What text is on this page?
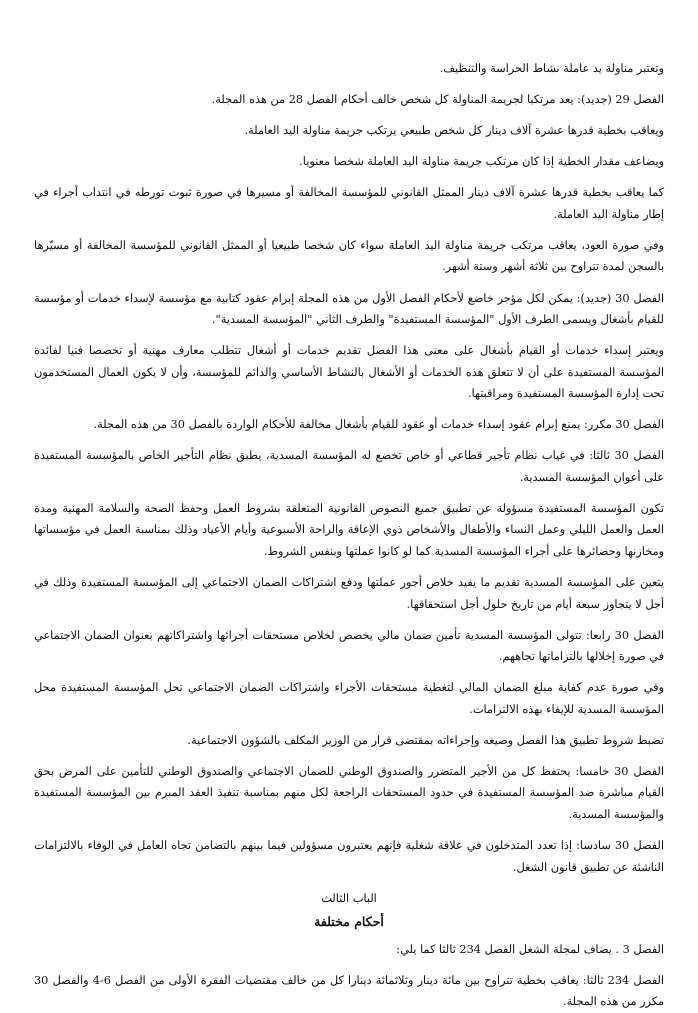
وتعتبر مناولة يد عاملة نشاط الحراسة والتنظيف.

الفصل 29 (جديد): يعد مرتكبا لجريمة المناولة كل شخص خالف أحكام الفصل 28 من هذه المجلة.

ويعاقب بخطية قدرها عشرة آلاف دينار كل شخص طبيعي يرتكب جريمة مناولة اليد العاملة.

ويضاعف مقدار الخطية إذا كان مرتكب جريمة مناولة اليد العاملة شخصا معنويا.

كما يعاقب بخطية قدرها عشرة آلاف دينار الممثل القانوني للمؤسسة المخالفة أو مسيرها في صورة ثبوت تورطه في انتداب أجراء في إطار مناولة اليد العاملة.

وفي صورة العود، يعاقب مرتكب جريمة مناولة اليد العاملة سواء كان شخصا طبيعيا أو الممثل القانوني للمؤسسة المخالفة أو مسيّرها بالسجن لمدة تتراوح بين ثلاثة أشهر وستة أشهر.

الفصل 30 (جديد): يمكن لكل مؤجر خاضع لأحكام الفصل الأول من هذه المجلة إبرام عقود كتابية مع مؤسسة لإسداء خدمات أو مؤسسة للقيام بأشغال ويسمى الطرف الأول "المؤسسة المستفيدة" والطرف الثاني "المؤسسة المسدية".

ويعتبر إسداء خدمات أو القيام بأشغال على معنى هذا الفصل تقديم خدمات أو أشغال تتطلب معارف مهنية أو تخصصا فنيا لفائدة المؤسسة المستفيدة على أن لا تتعلق هذه الخدمات أو الأشغال بالنشاط الأساسي والدائم للمؤسسة، وأن لا يكون العمال المستخدمون تحت إدارة المؤسسة المستفيدة ومراقبتها.

الفصل 30 مكرر: يمنع إبرام عقود إسداء خدمات أو عقود للقيام بأشغال مخالفة للأحكام الواردة بالفصل 30 من هذه المجلة.

الفصل 30 ثالثا: في غياب نظام تأجير قطاعي أو خاص تخضع له المؤسسة المسدية، يطبق نظام التأجير الخاص بالمؤسسة المستفيدة على أعوان المؤسسة المسدية.

تكون المؤسسة المستفيدة مسؤولة عن تطبيق جميع النصوص القانونية المتعلقة بشروط العمل وحفظ الصحة والسلامة المهنية ومدة العمل والعمل الليلي وعمل النساء والأطفال والأشخاص ذوي الإعاقة والراحة الأسبوعية وأيام الأعياد وذلك بمناسبة العمل في مؤسساتها ومخازنها وحضائرها على أجراء المؤسسة المسدية كما لو كانوا عملتها وبنفس الشروط.

يتعين على المؤسسة المسدية تقديم ما يفيد خلاص أجور عملتها ودفع اشتراكات الضمان الاجتماعي إلى المؤسسة المستفيدة وذلك في أجل لا يتجاوز سبعة أيام من تاريخ حلول أجل استحقاقها.

الفصل 30 رابعا: تتولى المؤسسة المسدية تأمين ضمان مالي يخصص لخلاص مستحقات أجرائها واشتراكاتهم بعنوان الضمان الاجتماعي في صورة إخلالها بالتزاماتها تجاههم.

وفي صورة عدم كفاية مبلغ الضمان المالي لتغطية مستحقات الأجراء واشتراكات الضمان الاجتماعي تحل المؤسسة المستفيدة محل المؤسسة المسدية للإيفاء بهذه الالتزامات.

تضبط شروط تطبيق هذا الفصل وصيغه وإجراءاته بمقتضى قرار من الوزير المكلف بالشؤون الاجتماعية.

الفصل 30 خامسا: يحتفظ كل من الأجير المتضرر والصندوق الوطني للضمان الاجتماعي والصندوق الوطني للتأمين على المرض بحق القيام مباشرة ضد المؤسسة المستفيدة في حدود المستحقات الراجعة لكل منهم بمناسبة تنفيذ العقد المبرم بين المؤسسة المستفيدة والمؤسسة المسدية.

الفصل 30 سادسا: إذا تعدد المتدخلون في علاقة شغلية فإنهم يعتبرون مسؤولين فيما بينهم بالتضامن تجاه العامل في الوفاء بالالتزامات الناشئة عن تطبيق قانون الشغل.

الباب الثالث

أحكام مختلفة

الفصل 3 . يضاف لمجلة الشغل الفصل 234 ثالثا كما يلي:

الفصل 234 ثالثا: يعاقب بخطية تتراوح بين مائة دينار وثلاثمائة دينارا كل من خالف مقتضيات الفقرة الأولى من الفصل 6-4 والفصل 30 مكرر من هذه المجلة.
